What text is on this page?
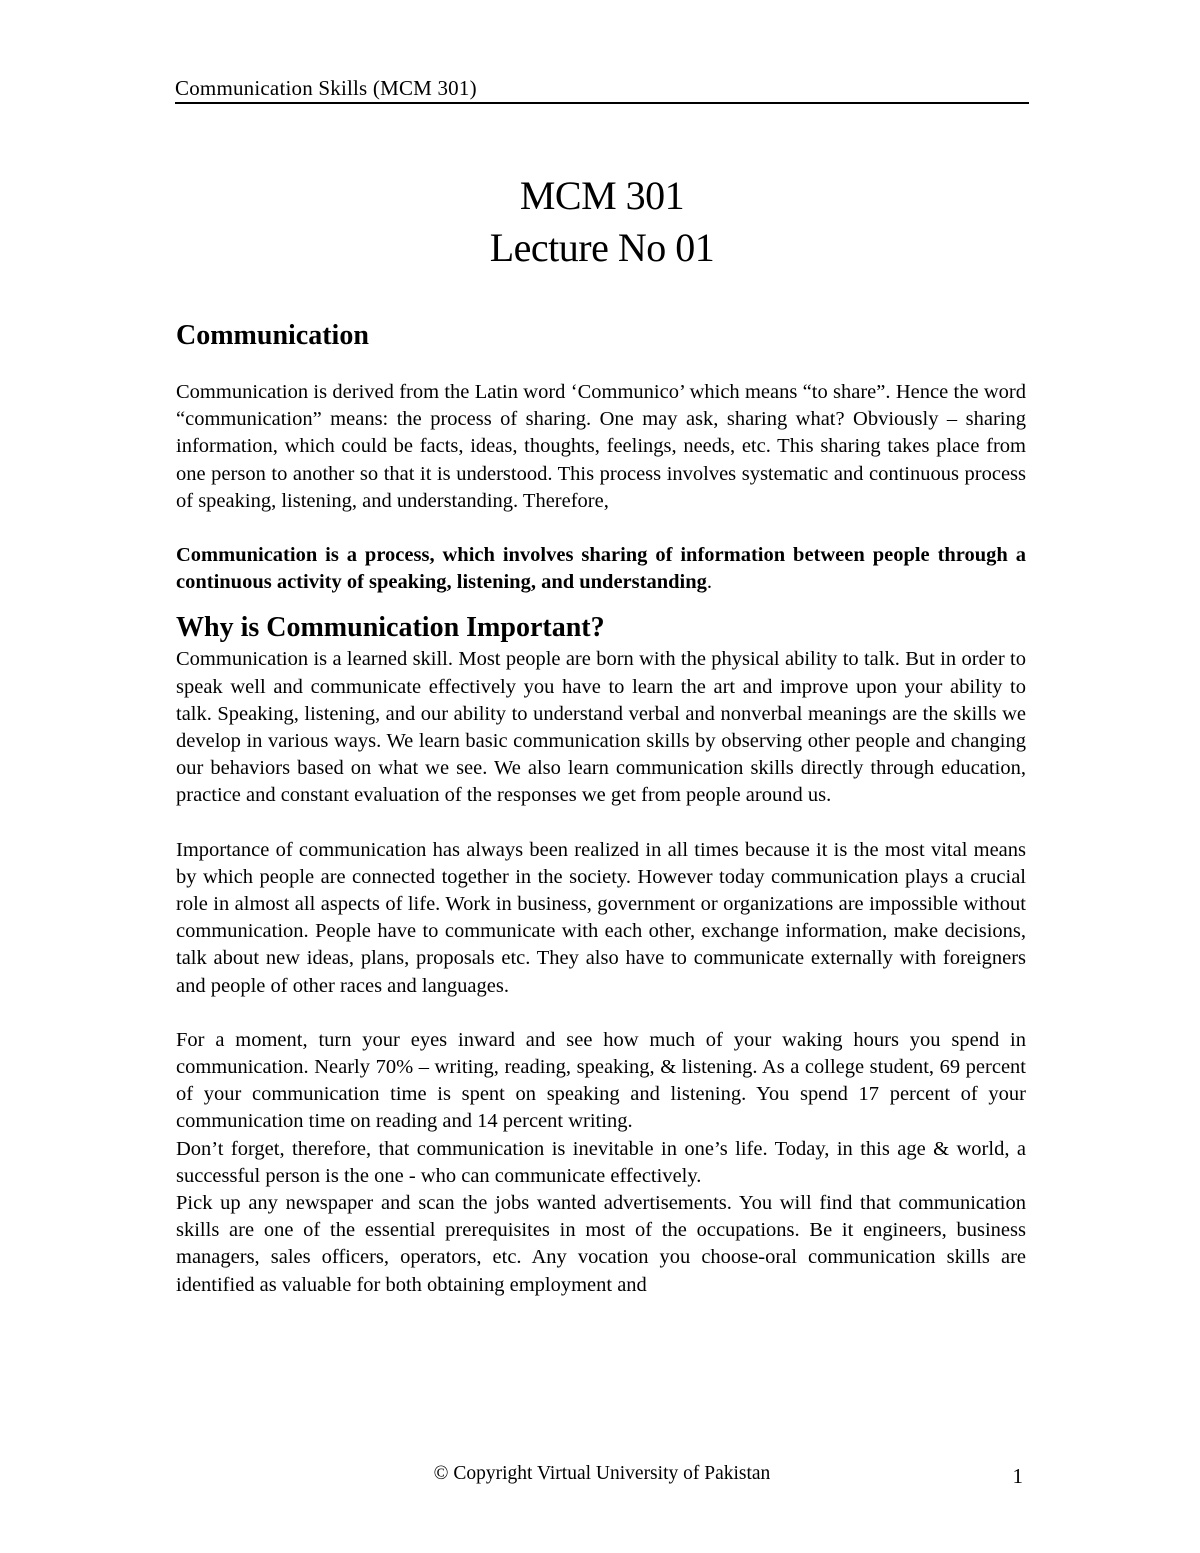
Communication Skills (MCM 301)
MCM 301
Lecture No 01
Communication

Communication is derived from the Latin word ‘Communico’ which means “to share”. Hence the word “communication” means: the process of sharing. One may ask, sharing what? Obviously – sharing information, which could be facts, ideas, thoughts, feelings, needs, etc. This sharing takes place from one person to another so that it is understood. This process involves systematic and continuous process of speaking, listening, and understanding. Therefore,

Communication is a process, which involves sharing of information between people through a continuous activity of speaking, listening, and understanding.

Why is Communication Important?

Communication is a learned skill. Most people are born with the physical ability to talk. But in order to speak well and communicate effectively you have to learn the art and improve upon your ability to talk. Speaking, listening, and our ability to understand verbal and nonverbal meanings are the skills we develop in various ways. We learn basic communication skills by observing other people and changing our behaviors based on what we see. We also learn communication skills directly through education, practice and constant evaluation of the responses we get from people around us.

Importance of communication has always been realized in all times because it is the most vital means by which people are connected together in the society. However today communication plays a crucial role in almost all aspects of life. Work in business, government or organizations are impossible without communication. People have to communicate with each other, exchange information, make decisions, talk about new ideas, plans, proposals etc. They also have to communicate externally with foreigners and people of other races and languages.

For a moment, turn your eyes inward and see how much of your waking hours you spend in communication. Nearly 70% – writing, reading, speaking, & listening. As a college student, 69 percent of your communication time is spent on speaking and listening. You spend 17 percent of your communication time on reading and 14 percent writing.

Don’t forget, therefore, that communication is inevitable in one’s life. Today, in this age & world, a successful person is the one - who can communicate effectively.

Pick up any newspaper and scan the jobs wanted advertisements. You will find that communication skills are one of the essential prerequisites in most of the occupations. Be it engineers, business managers, sales officers, operators, etc. Any vocation you choose-oral communication skills are identified as valuable for both obtaining employment and

© Copyright Virtual University of Pakistan	1
